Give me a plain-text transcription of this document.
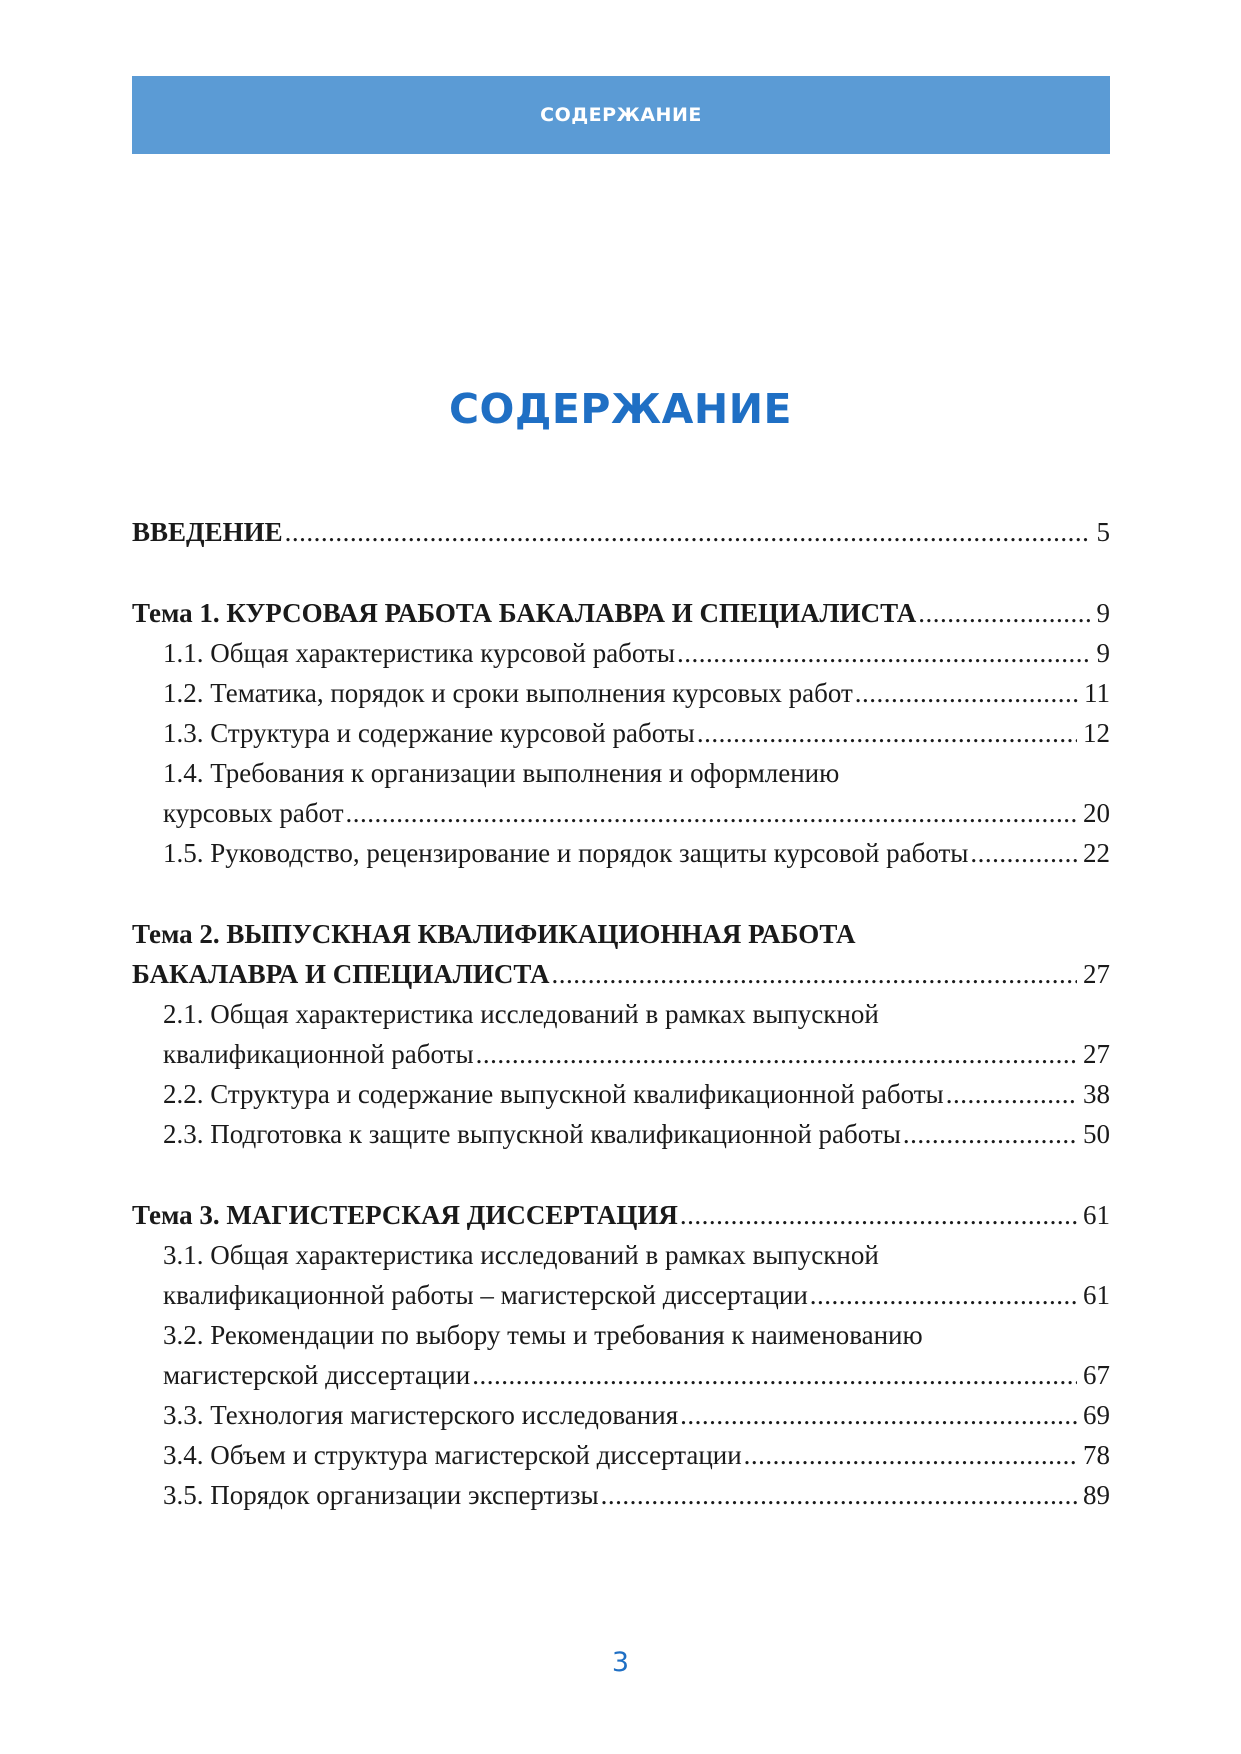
СОДЕРЖАНИЕ
СОДЕРЖАНИЕ
ВВЕДЕНИЕ .....	5
Тема 1. КУРСОВАЯ РАБОТА БАКАЛАВРА И СПЕЦИАЛИСТА .....	9
1.1. Общая характеристика курсовой работы .....	9
1.2. Тематика, порядок и сроки выполнения курсовых работ .....	11
1.3. Структура и содержание курсовой работы .....	12
1.4. Требования к организации выполнения и оформлению
курсовых работ .....	20
1.5. Руководство, рецензирование и порядок защиты курсовой работы .....	22
Тема 2. ВЫПУСКНАЯ КВАЛИФИКАЦИОННАЯ РАБОТА
БАКАЛАВРА И СПЕЦИАЛИСТА .....	27
2.1. Общая характеристика исследований в рамках выпускной
квалификационной работы .....	27
2.2. Структура и содержание выпускной квалификационной работы .....	38
2.3. Подготовка к защите выпускной квалификационной работы .....	50
Тема 3. МАГИСТЕРСКАЯ ДИССЕРТАЦИЯ .....	61
3.1. Общая характеристика исследований в рамках выпускной
квалификационной работы – магистерской диссертации .....	61
3.2. Рекомендации по выбору темы и требования к наименованию
магистерской диссертации .....	67
3.3. Технология магистерского исследования .....	69
3.4. Объем и структура магистерской диссертации .....	78
3.5. Порядок организации экспертизы .....	89
3
